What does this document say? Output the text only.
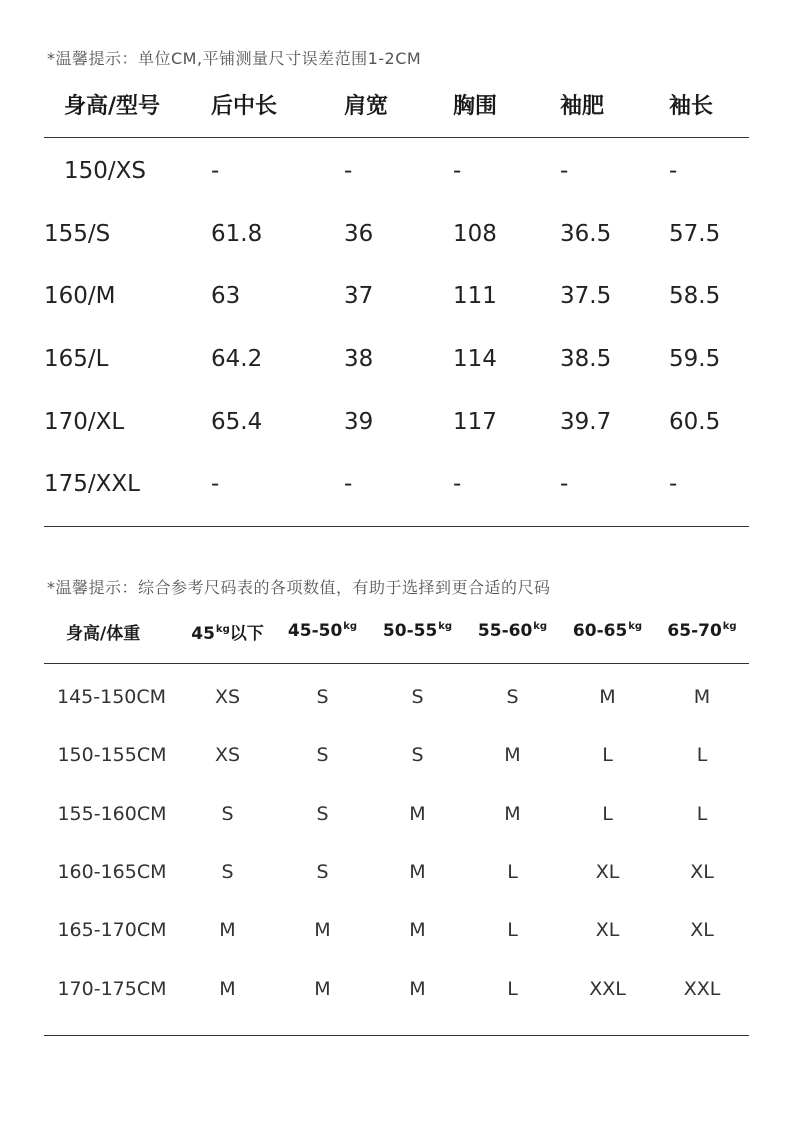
*温馨提示：单位CM,平铺测量尺寸误差范围1-2CM
身高/型号	后中长	肩宽	胸围	袖肥	袖长
150/XS	-	-	-	-	-
155/S	61.8	36	108	36.5	57.5
160/M	63	37	111	37.5	58.5
165/L	64.2	38	114	38.5	59.5
170/XL	65.4	39	117	39.7	60.5
175/XXL	-	-	-	-	-
*温馨提示：综合参考尺码表的各项数值，有助于选择到更合适的尺码
身高/体重	$45^{kg}$以下	$45-50^{kg}$	$50-55^{kg}$	$55-60^{kg}$	$60-65^{kg}$	$65-70^{kg}$
145-150CM	XS	S	S	S	M	M
150-155CM	XS	S	S	M	L	L
155-160CM	S	S	M	M	L	L
160-165CM	S	S	M	L	XL	XL
165-170CM	M	M	M	L	XL	XL
170-175CM	M	M	M	L	XXL	XXL
